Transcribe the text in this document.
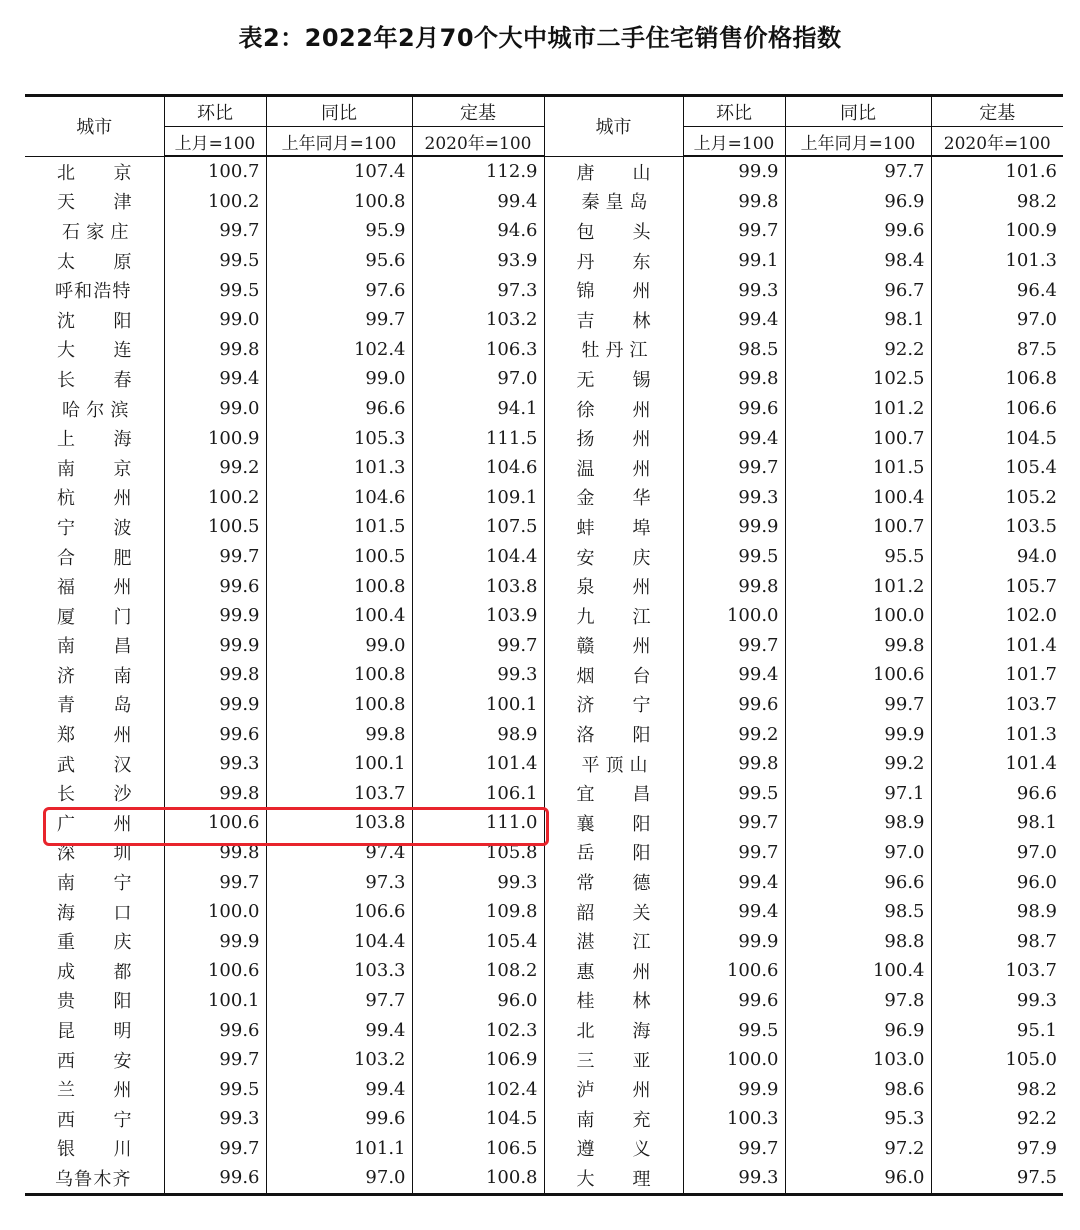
表2：2022年2月70个大中城市二手住宅销售价格指数
城市	环比	同比	定基	城市	环比	同比	定基
	上月=100	上年同月=100	2020年=100		上月=100	上年同月=100	2020年=100
北京	100.7	107.4	112.9	唐山	99.9	97.7	101.6
天津	100.2	100.8	99.4	秦皇岛	99.8	96.9	98.2
石家庄	99.7	95.9	94.6	包头	99.7	99.6	100.9
太原	99.5	95.6	93.9	丹东	99.1	98.4	101.3
呼和浩特	99.5	97.6	97.3	锦州	99.3	96.7	96.4
沈阳	99.0	99.7	103.2	吉林	99.4	98.1	97.0
大连	99.8	102.4	106.3	牡丹江	98.5	92.2	87.5
长春	99.4	99.0	97.0	无锡	99.8	102.5	106.8
哈尔滨	99.0	96.6	94.1	徐州	99.6	101.2	106.6
上海	100.9	105.3	111.5	扬州	99.4	100.7	104.5
南京	99.2	101.3	104.6	温州	99.7	101.5	105.4
杭州	100.2	104.6	109.1	金华	99.3	100.4	105.2
宁波	100.5	101.5	107.5	蚌埠	99.9	100.7	103.5
合肥	99.7	100.5	104.4	安庆	99.5	95.5	94.0
福州	99.6	100.8	103.8	泉州	99.8	101.2	105.7
厦门	99.9	100.4	103.9	九江	100.0	100.0	102.0
南昌	99.9	99.0	99.7	赣州	99.7	99.8	101.4
济南	99.8	100.8	99.3	烟台	99.4	100.6	101.7
青岛	99.9	100.8	100.1	济宁	99.6	99.7	103.7
郑州	99.6	99.8	98.9	洛阳	99.2	99.9	101.3
武汉	99.3	100.1	101.4	平顶山	99.8	99.2	101.4
长沙	99.8	103.7	106.1	宜昌	99.5	97.1	96.6
广州	100.6	103.8	111.0	襄阳	99.7	98.9	98.1
深圳	99.8	97.4	105.8	岳阳	99.7	97.0	97.0
南宁	99.7	97.3	99.3	常德	99.4	96.6	96.0
海口	100.0	106.6	109.8	韶关	99.4	98.5	98.9
重庆	99.9	104.4	105.4	湛江	99.9	98.8	98.7
成都	100.6	103.3	108.2	惠州	100.6	100.4	103.7
贵阳	100.1	97.7	96.0	桂林	99.6	97.8	99.3
昆明	99.6	99.4	102.3	北海	99.5	96.9	95.1
西安	99.7	103.2	106.9	三亚	100.0	103.0	105.0
兰州	99.5	99.4	102.4	泸州	99.9	98.6	98.2
西宁	99.3	99.6	104.5	南充	100.3	95.3	92.2
银川	99.7	101.1	106.5	遵义	99.7	97.2	97.9
乌鲁木齐	99.6	97.0	100.8	大理	99.3	96.0	97.5
